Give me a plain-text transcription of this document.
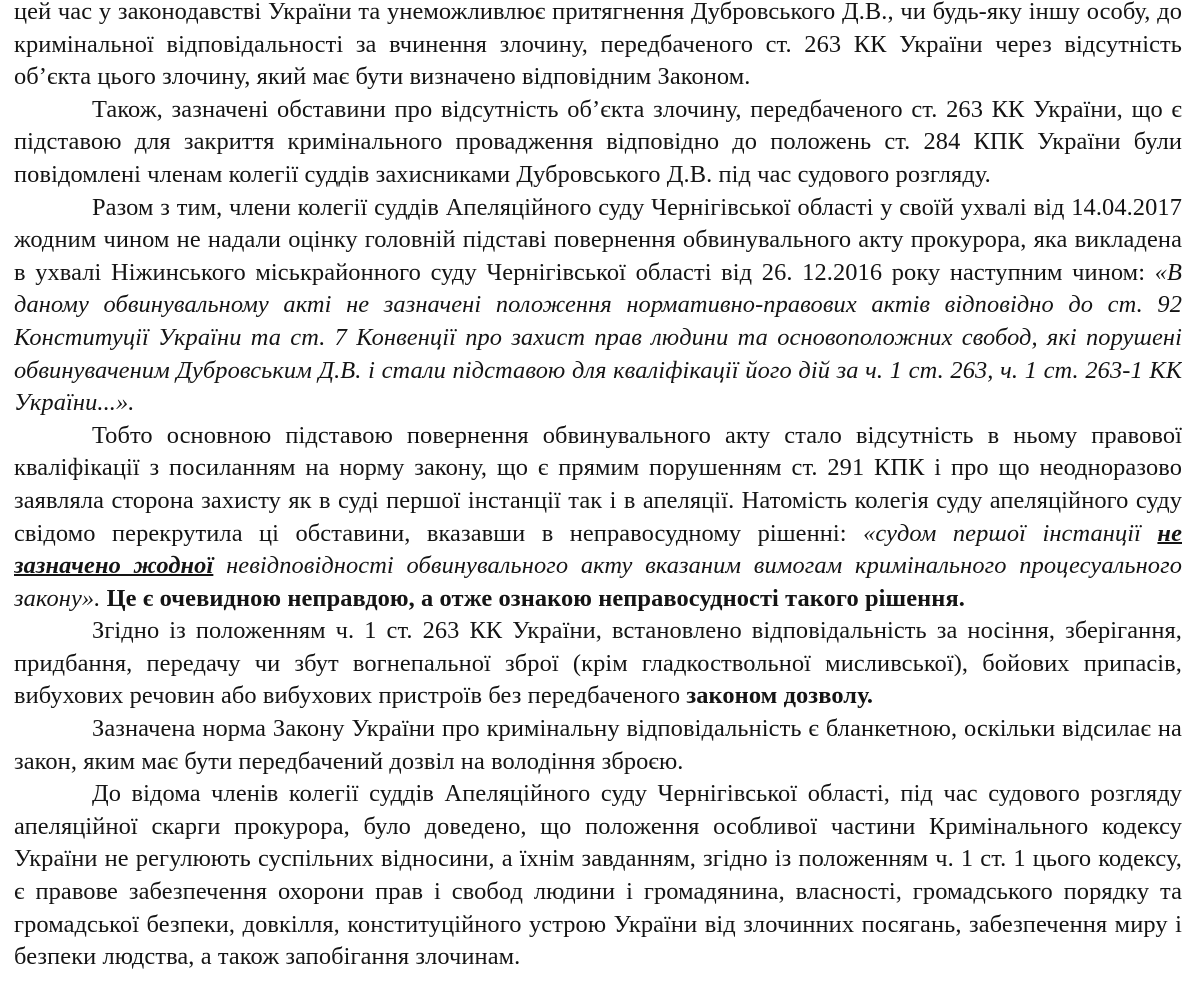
цей час у законодавстві України та унеможливлює притягнення Дубровського Д.В., чи будь-яку іншу особу, до кримінальної відповідальності за вчинення злочину, передбаченого ст. 263 КК України через відсутність об’єкта цього злочину, який має бути визначено відповідним Законом.

Також, зазначені обставини про відсутність об’єкта злочину, передбаченого ст. 263 КК України, що є підставою для закриття кримінального провадження відповідно до положень ст. 284 КПК України були повідомлені членам колегії суддів захисниками Дубровського Д.В. під час судового розгляду.

Разом з тим, члени колегії суддів Апеляційного суду Чернігівської області у своїй ухвалі від 14.04.2017 жодним чином не надали оцінку головній підставі повернення обвинувального акту прокурора, яка викладена в ухвалі Ніжинського міськрайонного суду Чернігівської області від 26. 12.2016 року наступним чином: «В даному обвинувальному акті не зазначені положення нормативно-правових актів відповідно до ст. 92 Конституції України та ст. 7 Конвенції про захист прав людини та основоположних свобод, які порушені обвинуваченим Дубровським Д.В. і стали підставою для кваліфікації його дій за ч. 1 ст. 263, ч. 1 ст. 263-1 КК України...».

Тобто основною підставою повернення обвинувального акту стало відсутність в ньому правової кваліфікації з посиланням на норму закону, що є прямим порушенням ст. 291 КПК і про що неодноразово заявляла сторона захисту як в суді першої інстанції так і в апеляції. Натомість колегія суду апеляційного суду свідомо перекрутила ці обставини, вказавши в неправосудному рішенні: «судом першої інстанції не зазначено жодної невідповідності обвинувального акту вказаним вимогам кримінального процесуального закону». Це є очевидною неправдою, а отже ознакою неправосудності такого рішення.

Згідно із положенням ч. 1 ст. 263 КК України, встановлено відповідальність за носіння, зберігання, придбання, передачу чи збут вогнепальної зброї (крім гладкоствольної мисливської), бойових припасів, вибухових речовин або вибухових пристроїв без передбаченого законом дозволу.

Зазначена норма Закону України про кримінальну відповідальність є бланкетною, оскільки відсилає на закон, яким має бути передбачений дозвіл на володіння зброєю.

До відома членів колегії суддів Апеляційного суду Чернігівської області, під час судового розгляду апеляційної скарги прокурора, було доведено, що положення особливої частини Кримінального кодексу України не регулюють суспільних відносини, а їхнім завданням, згідно із положенням ч. 1 ст. 1 цього кодексу, є правове забезпечення охорони прав і свобод людини і громадянина, власності, громадського порядку та громадської безпеки, довкілля, конституційного устрою України від злочинних посягань, забезпечення миру і безпеки людства, а також запобігання злочинам.
